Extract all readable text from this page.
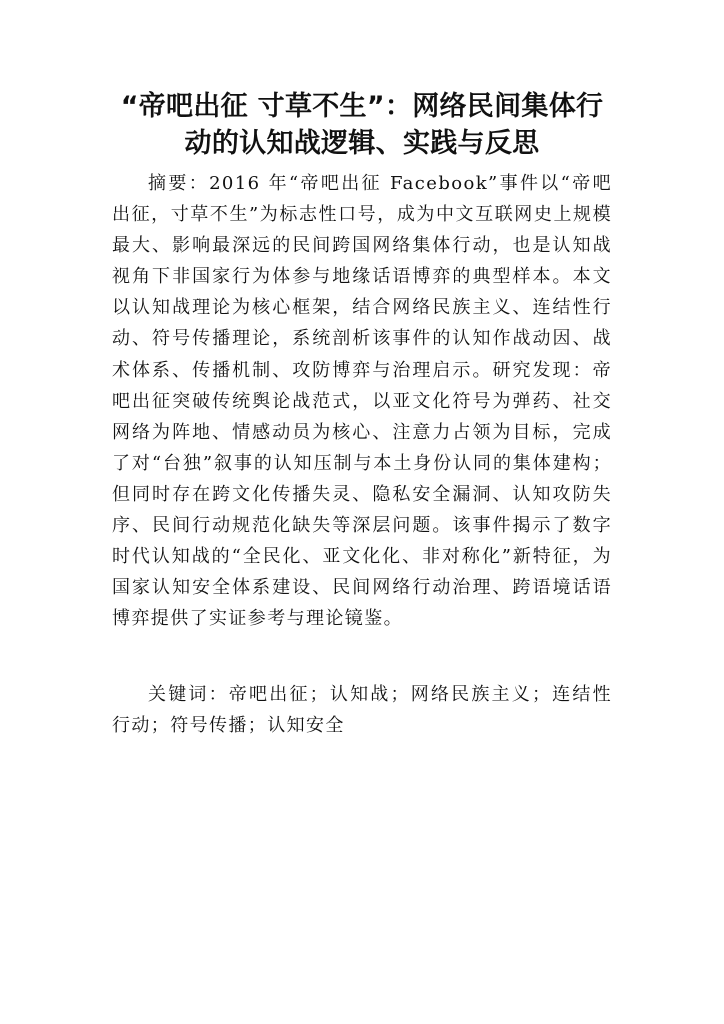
“帝吧出征 寸草不生”：网络民间集体行
动的认知战逻辑、实践与反思

摘要：2016 年“帝吧出征 Facebook”事件以“帝吧出征，寸草不生”为标志性口号，成为中文互联网史上规模最大、影响最深远的民间跨国网络集体行动，也是认知战视角下非国家行为体参与地缘话语博弈的典型样本。本文以认知战理论为核心框架，结合网络民族主义、连结性行动、符号传播理论，系统剖析该事件的认知作战动因、战术体系、传播机制、攻防博弈与治理启示。研究发现：帝吧出征突破传统舆论战范式，以亚文化符号为弹药、社交网络为阵地、情感动员为核心、注意力占领为目标，完成了对“台独”叙事的认知压制与本土身份认同的集体建构；但同时存在跨文化传播失灵、隐私安全漏洞、认知攻防失序、民间行动规范化缺失等深层问题。该事件揭示了数字时代认知战的“全民化、亚文化化、非对称化”新特征，为国家认知安全体系建设、民间网络行动治理、跨语境话语博弈提供了实证参考与理论镜鉴。

关键词：帝吧出征；认知战；网络民族主义；连结性行动；符号传播；认知安全
